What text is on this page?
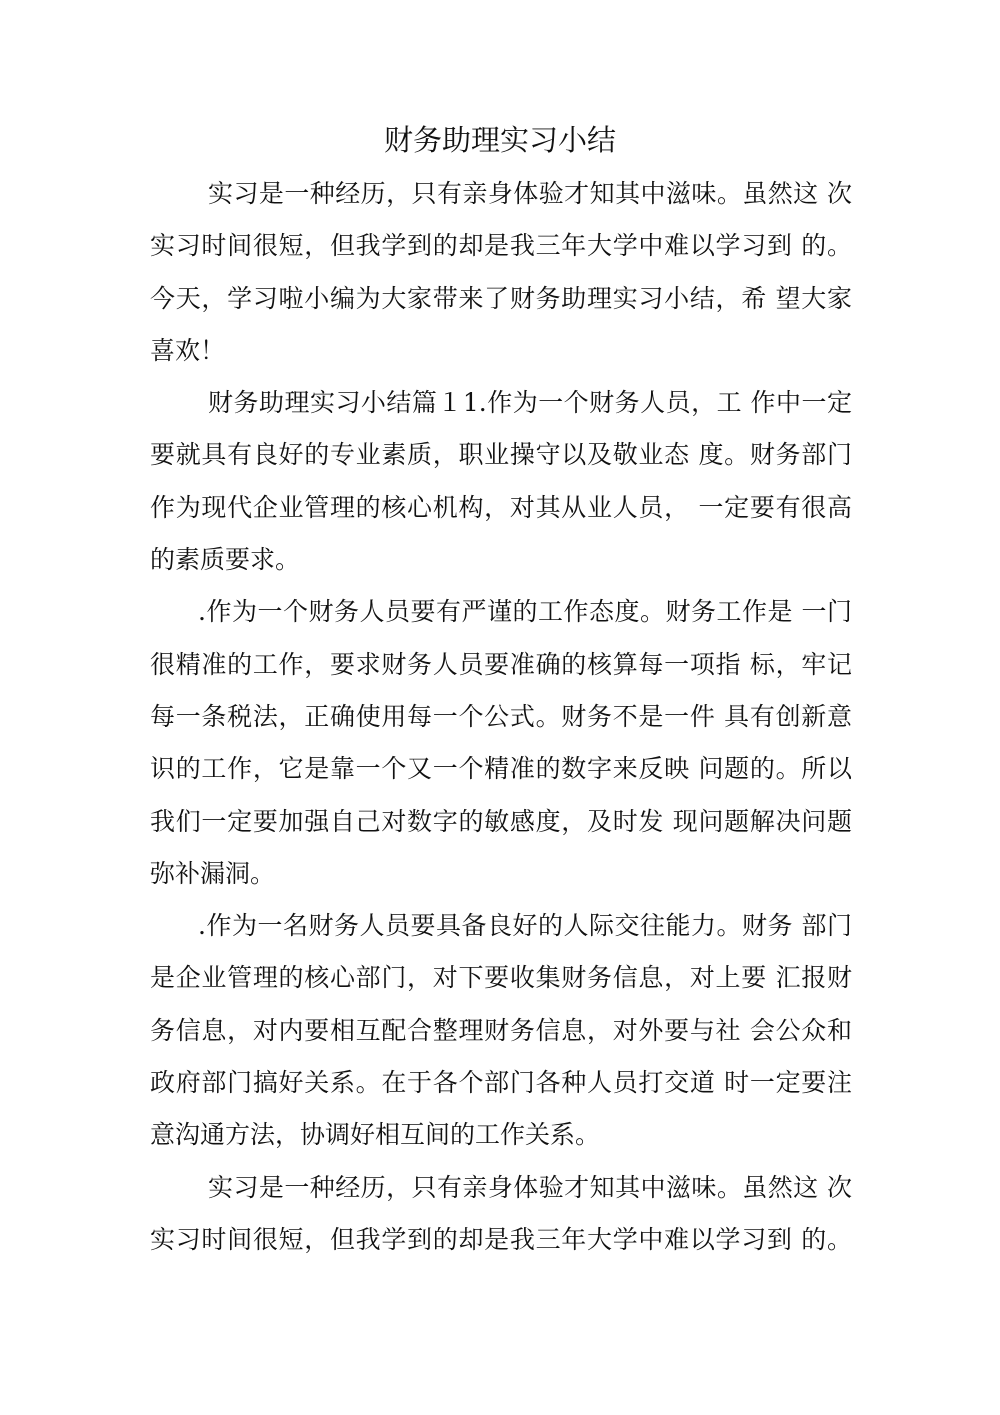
财务助理实习小结
实习是一种经历，只有亲身体验才知其中滋味。虽然这 次
实习时间很短，但我学到的却是我三年大学中难以学习到 的。
今天，学习啦小编为大家带来了财务助理实习小结，希 望大家
喜欢！
财务助理实习小结篇１1.作为一个财务人员，工 作中一定
要就具有良好的专业素质，职业操守以及敬业态 度。财务部门
作为现代企业管理的核心机构，对其从业人员， 一定要有很高
的素质要求。
.作为一个财务人员要有严谨的工作态度。财务工作是 一门
很精准的工作，要求财务人员要准确的核算每一项指 标，牢记
每一条税法，正确使用每一个公式。财务不是一件 具有创新意
识的工作，它是靠一个又一个精准的数字来反映 问题的。所以
我们一定要加强自己对数字的敏感度，及时发 现问题解决问题
弥补漏洞。
.作为一名财务人员要具备良好的人际交往能力。财务 部门
是企业管理的核心部门，对下要收集财务信息，对上要 汇报财
务信息，对内要相互配合整理财务信息，对外要与社 会公众和
政府部门搞好关系。在于各个部门各种人员打交道 时一定要注
意沟通方法，协调好相互间的工作关系。
实习是一种经历，只有亲身体验才知其中滋味。虽然这 次
实习时间很短，但我学到的却是我三年大学中难以学习到 的。
